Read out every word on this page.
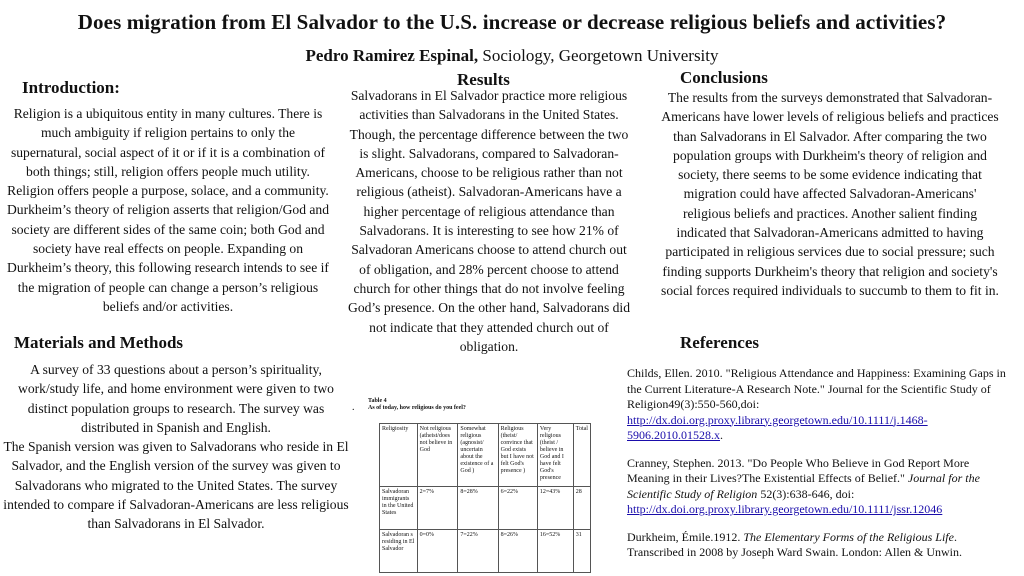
Does migration from El Salvador to the U.S. increase or decrease religious beliefs and activities?
Pedro Ramirez Espinal, Sociology, Georgetown University
Introduction:

Religion is a ubiquitous entity in many cultures. There is much ambiguity if religion pertains to only the supernatural, social aspect of it or if it is a combination of both things; still, religion offers people much utility. Religion offers people a purpose, solace, and a community. Durkheim’s theory of religion asserts that religion/God and society are different sides of the same coin; both God and society have real effects on people. Expanding on Durkheim’s theory, this following research intends to see if the migration of people can change a person’s religious beliefs and/or activities.

Materials and Methods

A survey of 33 questions about a person’s spirituality, work/study life, and home environment were given to two distinct population groups to research. The survey was distributed in Spanish and English.

The Spanish version was given to Salvadorans who reside in El Salvador, and the English version of the survey was given to Salvadorans who migrated to the United States. The survey intended to compare if Salvadoran-Americans are less religious than Salvadorans in El Salvador.

Results

Salvadorans in El Salvador practice more religious activities than Salvadorans in the United States. Though, the percentage difference between the two is slight. Salvadorans, compared to Salvadoran-Americans, choose to be religious rather than not religious (atheist). Salvadoran-Americans have a higher percentage of religious attendance than Salvadorans. It is interesting to see how 21% of Salvadoran Americans choose to attend church out of obligation, and 28% percent choose to attend church for other things that do not involve feeling God’s presence. On the other hand, Salvadorans did not indicate that they attended church out of obligation.

.
Table 4
As of today, how religious do you feel?
Religiosity	Not religious (atheist/does not believe in God	Somewhat religious (agnosist/ uncertain about the existence of a God )	Religious (theist/ convince that God exists but I have not felt God's presence )	Very religious (theist / believe in God and I have felt God's presence	Total
Salvadoran immigrants in the United States	2=7%	8=28%	6=22%	12=43%	28
Salvadoran s residing in El Salvador	0=0%	7=22%	8=26%	16=52%	31
Conclusions

The results from the surveys demonstrated that Salvadoran-Americans have lower levels of religious beliefs and practices than Salvadorans in El Salvador. After comparing the two population groups with Durkheim's theory of religion and society, there seems to be some evidence indicating that migration could have affected Salvadoran-Americans' religious beliefs and practices. Another salient finding indicated that Salvadoran-Americans admitted to having participated in religious services due to social pressure; such finding supports Durkheim's theory that religion and society's social forces required individuals to succumb to them to fit in.

References

Childs, Ellen. 2010. "Religious Attendance and Happiness: Examining Gaps in the Current Literature-A Research Note." Journal for the Scientific Study of Religion49(3):550-560,doi: http://dx.doi.org.proxy.library.georgetown.edu/10.1111/j.1468-5906.2010.01528.x.

Cranney, Stephen. 2013. "Do People Who Believe in God Report More Meaning in their Lives?The Existential Effects of Belief." Journal for the Scientific Study of Religion 52(3):638-646, doi: http://dx.doi.org.proxy.library.georgetown.edu/10.1111/jssr.12046

Durkheim, Émile.1912. The Elementary Forms of the Religious Life. Transcribed in 2008 by Joseph Ward Swain. London: Allen & Unwin.
